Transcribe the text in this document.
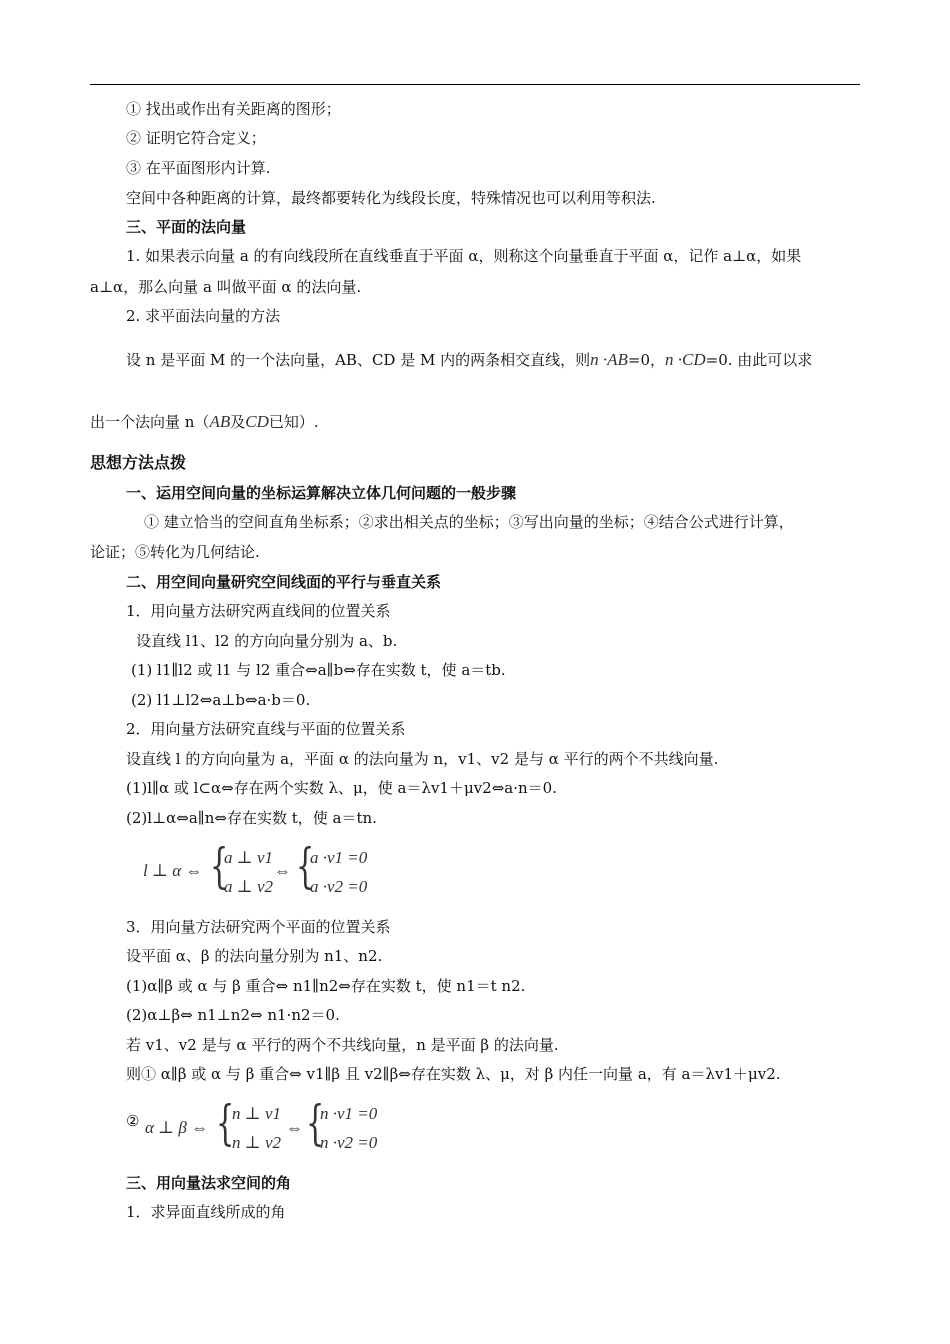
① 找出或作出有关距离的图形；
② 证明它符合定义；
③ 在平面图形内计算.
空间中各种距离的计算，最终都要转化为线段长度，特殊情况也可以利用等积法.
三、平面的法向量
1. 如果表示向量 a 的有向线段所在直线垂直于平面 α，则称这个向量垂直于平面 α，记作 a⊥α，如果
a⊥α，那么向量 a 叫做平面 α 的法向量.
2. 求平面法向量的方法
设 n 是平面 M 的一个法向量，AB、CD 是 M 内的两条相交直线，则n ·AB=0，n ·CD=0. 由此可以求
出一个法向量 n（AB及CD已知）.
思想方法点拨
一、运用空间向量的坐标运算解决立体几何问题的一般步骤
① 建立恰当的空间直角坐标系；②求出相关点的坐标；③写出向量的坐标；④结合公式进行计算，
论证；⑤转化为几何结论.
二、用空间向量研究空间线面的平行与垂直关系
1．用向量方法研究两直线间的位置关系
设直线 l1、l2 的方向向量分别为 a、b.
(1) l1∥l2 或 l1 与 l2 重合⇔a∥b⇔存在实数 t，使 a＝tb.
(2) l1⊥l2⇔a⊥b⇔a·b＝0.
2．用向量方法研究直线与平面的位置关系
设直线 l 的方向向量为 a，平面 α 的法向量为 n，v1、v2 是与 α 平行的两个不共线向量.
(1)l∥α 或 l⊂α⇔存在两个实数 λ、μ，使 a＝λv1＋μv2⇔a·n＝0.
(2)l⊥α⇔a∥n⇔存在实数 t，使 a＝tn.
l ⊥ α ⇔ {
a ⊥ v1
a ⊥ v2
⇔ {
a ·v1 =0
a ·v2 =0
3．用向量方法研究两个平面的位置关系
设平面 α、β 的法向量分别为 n1、n2.
(1)α∥β 或 α 与 β 重合⇔ n1∥n2⇔存在实数 t，使 n1＝t n2.
(2)α⊥β⇔ n1⊥n2⇔ n1·n2＝0.
若 v1、v2 是与 α 平行的两个不共线向量，n 是平面 β 的法向量.
则① α∥β 或 α 与 β 重合⇔ v1∥β 且 v2∥β⇔存在实数 λ、μ，对 β 内任一向量 a，有 a＝λv1＋μv2.
② α ⊥ β ⇔ {
n ⊥ v1
n ⊥ v2
⇔ {
n ·v1 =0
n ·v2 =0
三、用向量法求空间的角
1．求异面直线所成的角
